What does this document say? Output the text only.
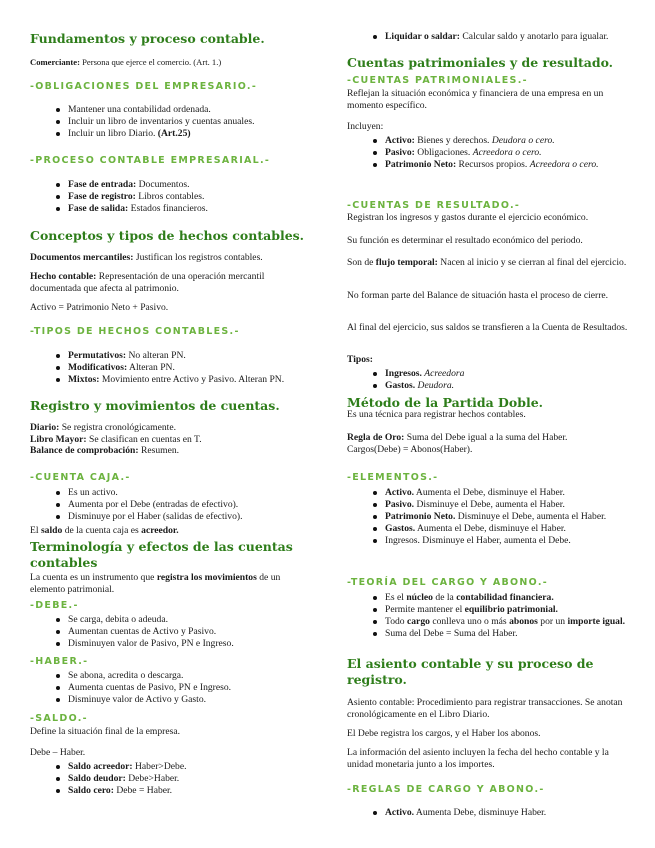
Fundamentos y proceso contable.
Comerciante: Persona que ejerce el comercio. (Art. 1.)
-OBLIGACIONES DEL EMPRESARIO.-
Mantener una contabilidad ordenada.
Incluir un libro de inventarios y cuentas anuales.
Incluir un libro Diario. (Art.25)
-PROCESO CONTABLE EMPRESARIAL.-
Fase de entrada: Documentos.
Fase de registro: Libros contables.
Fase de salida: Estados financieros.
Conceptos y tipos de hechos contables.
Documentos mercantiles: Justifican los registros contables.
Hecho contable: Representación de una operación mercantil documentada que afecta al patrimonio.
Activo = Patrimonio Neto + Pasivo.
-TIPOS DE HECHOS CONTABLES.-
Permutativos: No alteran PN.
Modificativos: Alteran PN.
Mixtos: Movimiento entre Activo y Pasivo. Alteran PN.
Registro y movimientos de cuentas.
Diario: Se registra cronológicamente.
Libro Mayor: Se clasifican en cuentas en T.
Balance de comprobación: Resumen.
-CUENTA CAJA.-
Es un activo.
Aumenta por el Debe (entradas de efectivo).
Disminuye por el Haber (salidas de efectivo).
El saldo de la cuenta caja es acreedor.
Terminología y efectos de las cuentas contables
La cuenta es un instrumento que registra los movimientos de un elemento patrimonial.
-DEBE.-
Se carga, debita o adeuda.
Aumentan cuentas de Activo y Pasivo.
Disminuyen valor de Pasivo, PN e Ingreso.
-HABER.-
Se abona, acredita o descarga.
Aumenta cuentas de Pasivo, PN e Ingreso.
Disminuye valor de Activo y Gasto.
-SALDO.-
Define la situación final de la empresa.
Debe – Haber.
Saldo acreedor: Haber>Debe.
Saldo deudor: Debe>Haber.
Saldo cero: Debe = Haber.
Liquidar o saldar: Calcular saldo y anotarlo para igualar.
Cuentas patrimoniales y de resultado.
-CUENTAS PATRIMONIALES.-
Reflejan la situación económica y financiera de una empresa en un momento específico.
Incluyen:
Activo: Bienes y derechos. Deudora o cero.
Pasivo: Obligaciones. Acreedora o cero.
Patrimonio Neto: Recursos propios. Acreedora o cero.
-CUENTAS DE RESULTADO.-
Registran los ingresos y gastos durante el ejercicio económico.
Su función es determinar el resultado económico del periodo.
Son de flujo temporal: Nacen al inicio y se cierran al final del ejercicio.
No forman parte del Balance de situación hasta el proceso de cierre.
Al final del ejercicio, sus saldos se transfieren a la Cuenta de Resultados.
Tipos:
Ingresos. Acreedora
Gastos. Deudora.
Método de la Partida Doble.
Es una técnica para registrar hechos contables.
Regla de Oro: Suma del Debe igual a la suma del Haber.
Cargos(Debe) = Abonos(Haber).
-ELEMENTOS.-
Activo. Aumenta el Debe, disminuye el Haber.
Pasivo. Disminuye el Debe, aumenta el Haber.
Patrimonio Neto. Disminuye el Debe, aumenta el Haber.
Gastos. Aumenta el Debe, disminuye el Haber.
Ingresos. Disminuye el Haber, aumenta el Debe.
-TEORÍA DEL CARGO Y ABONO.-
Es el núcleo de la contabilidad financiera.
Permite mantener el equilibrio patrimonial.
Todo cargo conlleva uno o más abonos por un importe igual.
Suma del Debe = Suma del Haber.
El asiento contable y su proceso de registro.
Asiento contable: Procedimiento para registrar transacciones. Se anotan cronológicamente en el Libro Diario.
El Debe registra los cargos, y el Haber los abonos.
La información del asiento incluyen la fecha del hecho contable y la unidad monetaria junto a los importes.
-REGLAS DE CARGO Y ABONO.-
Activo. Aumenta Debe, disminuye Haber.
